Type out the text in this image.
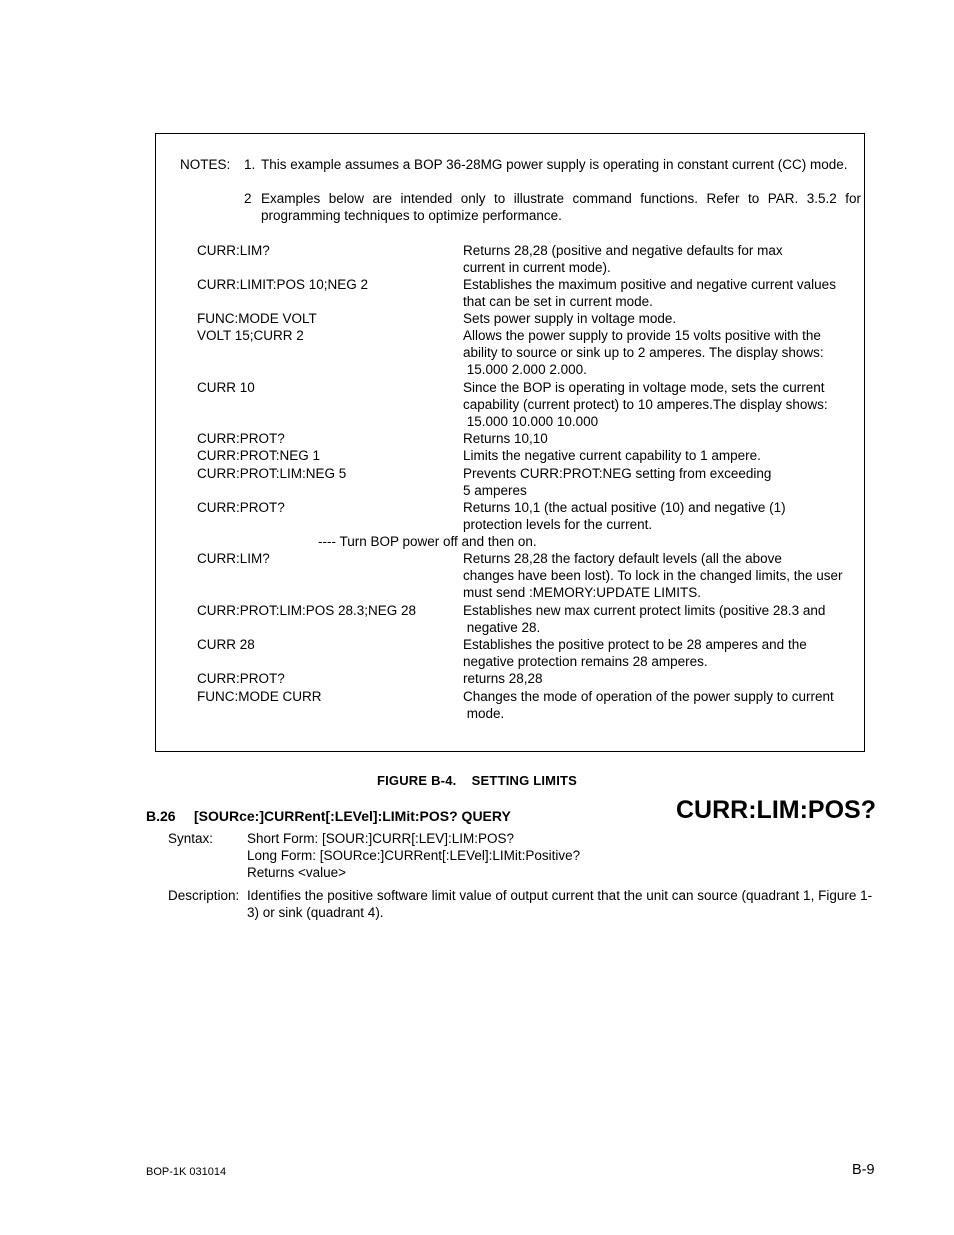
NOTES: 1. This example assumes a BOP 36-28MG power supply is operating in constant current (CC) mode.
2 Examples below are intended only to illustrate command functions. Refer to PAR. 3.5.2 for programming techniques to optimize performance.
CURR:LIM?	Returns 28,28 (positive and negative defaults for max
current in current mode).
CURR:LIMIT:POS 10;NEG 2	Establishes the maximum positive and negative current values
that can be set in current mode.
FUNC:MODE VOLT	Sets power supply in voltage mode.
VOLT 15;CURR 2	Allows the power supply to provide 15 volts positive with the
ability to source or sink up to 2 amperes. The display shows:
15.000 2.000 2.000.
CURR 10	Since the BOP is operating in voltage mode, sets the current
capability (current protect) to 10 amperes.The display shows:
15.000 10.000 10.000
CURR:PROT?	Returns 10,10
CURR:PROT:NEG 1	Limits the negative current capability to 1 ampere.
CURR:PROT:LIM:NEG 5	Prevents CURR:PROT:NEG setting from exceeding
5 amperes
CURR:PROT?	Returns 10,1 (the actual positive (10) and negative (1)
protection levels for the current.
---- Turn BOP power off and then on.
CURR:LIM?	Returns 28,28 the factory default levels (all the above
changes have been lost). To lock in the changed limits, the user
must send :MEMORY:UPDATE LIMITS.
CURR:PROT:LIM:POS 28.3;NEG 28	Establishes new max current protect limits (positive 28.3 and
negative 28.
CURR 28	Establishes the positive protect to be 28 amperes and the
negative protection remains 28 amperes.
CURR:PROT?	returns 28,28
FUNC:MODE CURR	Changes the mode of operation of the power supply to current
mode.
FIGURE B-4.    SETTING LIMITS
B.26 [SOURce:]CURRent[:LEVel]:LIMit:POS? QUERY	CURR:LIM:POS?
Syntax:	Short Form: [SOUR:]CURR[:LEV]:LIM:POS?
Long Form: [SOURce:]CURRent[:LEVel]:LIMit:Positive?
Returns <value>
Description: Identifies the positive software limit value of output current that the unit can source (quadrant 1, Figure 1-3) or sink (quadrant 4).
BOP-1K 031014	B-9
